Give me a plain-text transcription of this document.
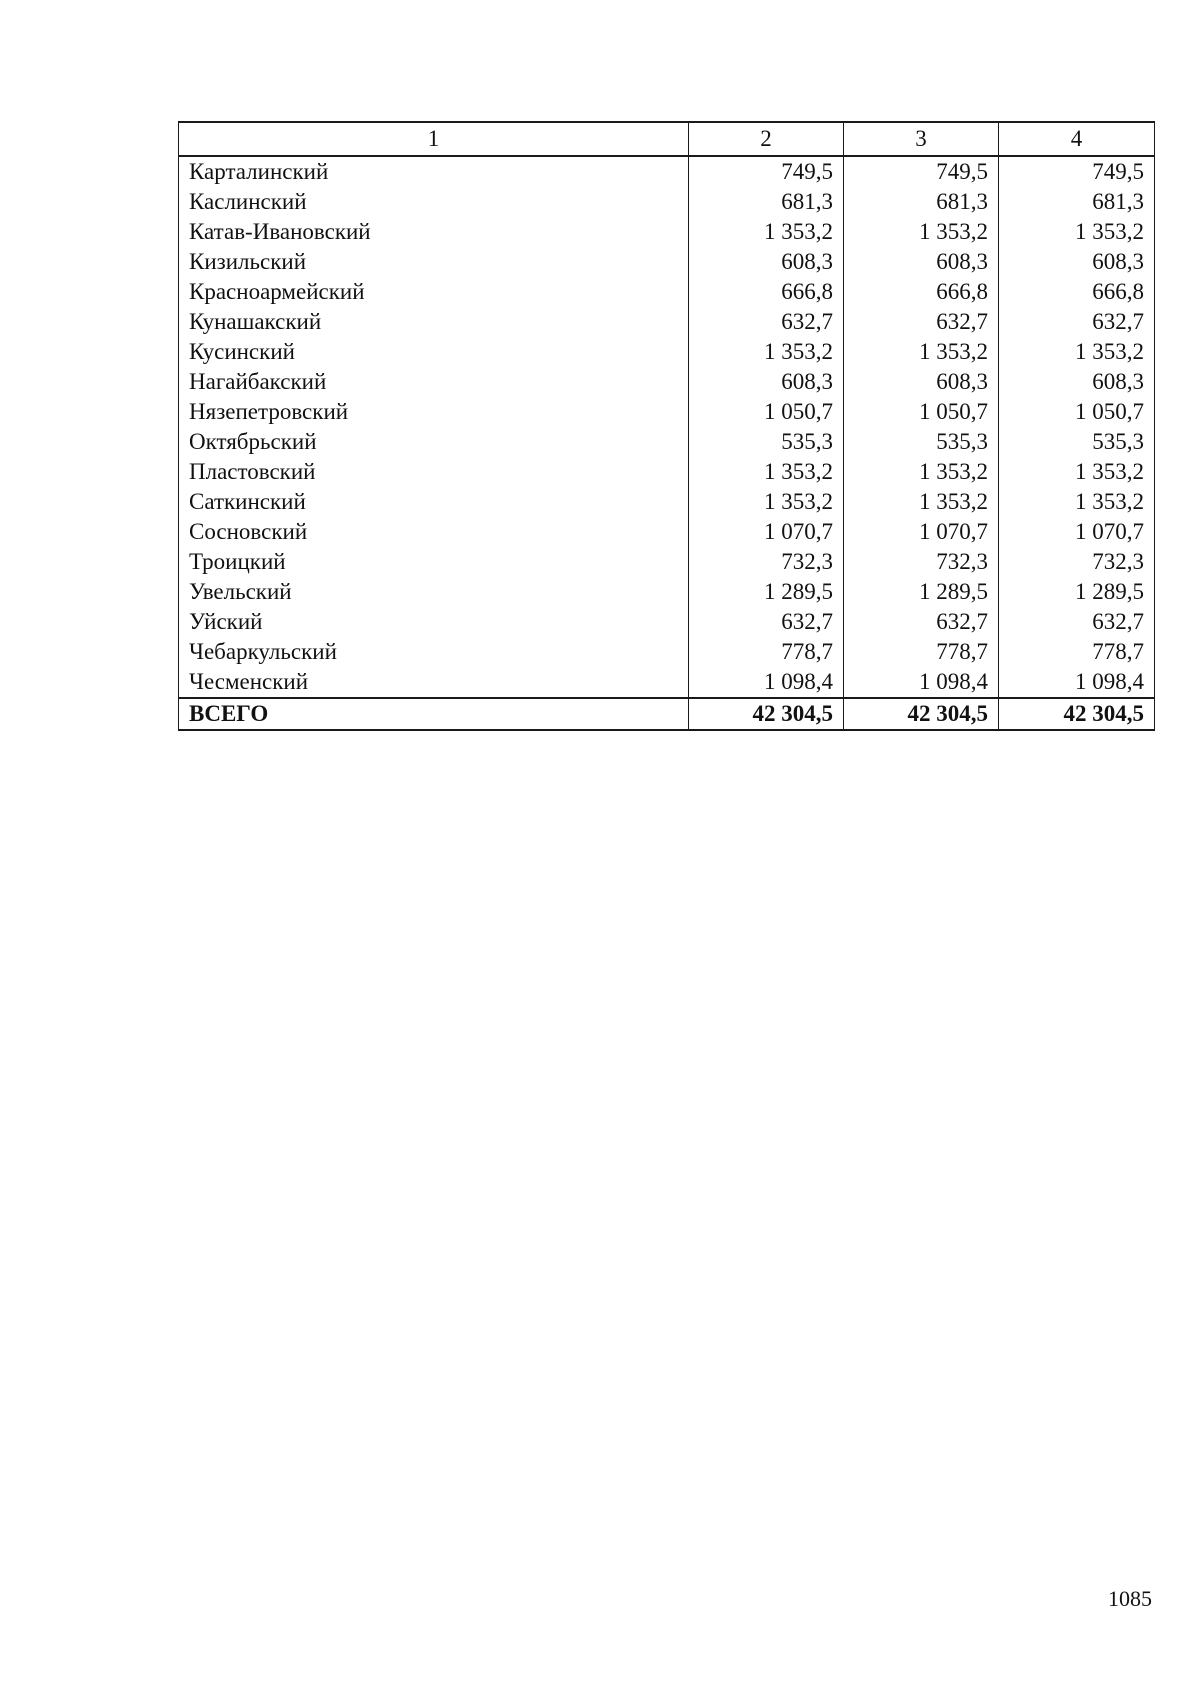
1	2	3	4
Карталинский	749,5	749,5	749,5
Каслинский	681,3	681,3	681,3
Катав-Ивановский	1 353,2	1 353,2	1 353,2
Кизильский	608,3	608,3	608,3
Красноармейский	666,8	666,8	666,8
Кунашакский	632,7	632,7	632,7
Кусинский	1 353,2	1 353,2	1 353,2
Нагайбакский	608,3	608,3	608,3
Нязепетровский	1 050,7	1 050,7	1 050,7
Октябрьский	535,3	535,3	535,3
Пластовский	1 353,2	1 353,2	1 353,2
Саткинский	1 353,2	1 353,2	1 353,2
Сосновский	1 070,7	1 070,7	1 070,7
Троицкий	732,3	732,3	732,3
Увельский	1 289,5	1 289,5	1 289,5
Уйский	632,7	632,7	632,7
Чебаркульский	778,7	778,7	778,7
Чесменский	1 098,4	1 098,4	1 098,4
ВСЕГО	42 304,5	42 304,5	42 304,5
1085
